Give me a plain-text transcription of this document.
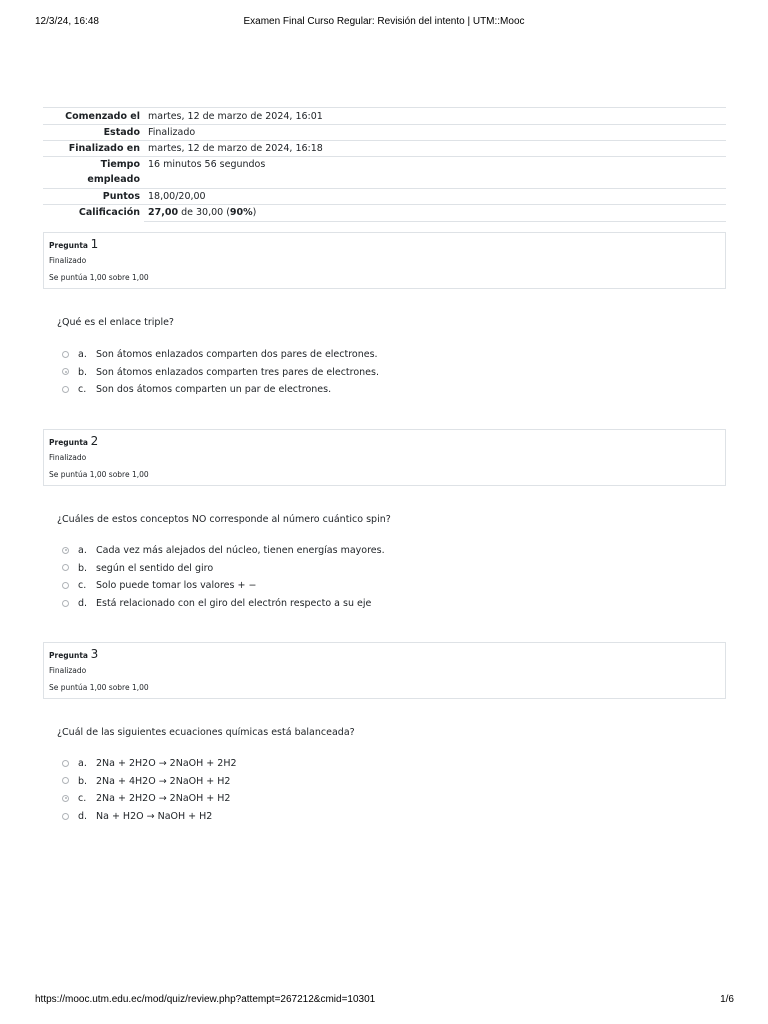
12/3/24, 16:48	Examen Final Curso Regular: Revisión del intento | UTM::Mooc
Comenzado el	martes, 12 de marzo de 2024, 16:01
Estado	Finalizado
Finalizado en	martes, 12 de marzo de 2024, 16:18
Tiempo empleado	16 minutos 56 segundos
Puntos	18,00/20,00
Calificación	27,00 de 30,00 (90%)
Pregunta 1
Finalizado
Se puntúa 1,00 sobre 1,00
¿Qué es el enlace triple?
a. Son átomos enlazados comparten dos pares de electrones.
b. Son átomos enlazados comparten tres pares de electrones.
c. Son dos átomos comparten un par de electrones.
Pregunta 2
Finalizado
Se puntúa 1,00 sobre 1,00
¿Cuáles de estos conceptos NO corresponde al número cuántico spin?
a. Cada vez más alejados del núcleo, tienen energías mayores.
b. según el sentido del giro
c. Solo puede tomar los valores + −
d. Está relacionado con el giro del electrón respecto a su eje
Pregunta 3
Finalizado
Se puntúa 1,00 sobre 1,00
¿Cuál de las siguientes ecuaciones químicas está balanceada?
a. 2Na + 2H2O → 2NaOH + 2H2
b. 2Na + 4H2O → 2NaOH + H2
c. 2Na + 2H2O → 2NaOH + H2
d. Na + H2O → NaOH + H2
https://mooc.utm.edu.ec/mod/quiz/review.php?attempt=267212&cmid=10301	1/6
